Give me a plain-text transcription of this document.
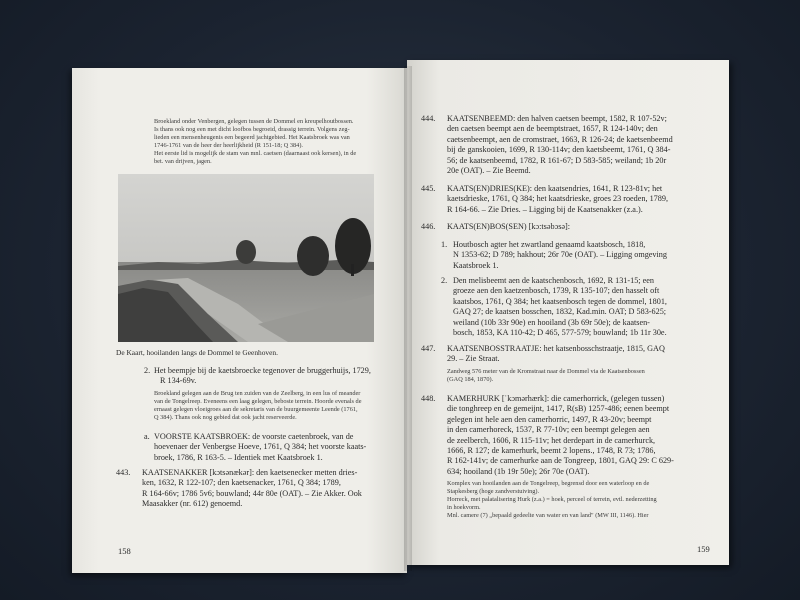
Broekland onder Venbergen, gelegen tussen de Dommel en kreupelhoutbossen.
Is thans ook nog een met dicht loofbos begroeid, drassig terrein. Volgens zeg-
lieden een mensenheugenis een begeerd jachtgebied. Het Kaatsbroek was van
1746-1761 van de heer der heerlijkheid (R 151-18; Q 384).
Het eerste lid is mogelijk de stam van mnl. caetsen (daarnaast ook kersen), in de
bet. van drijven, jagen.
De Kaart, hooilanden langs de Dommel te Geenhoven.
2. Het beempje bij de kaetsbroecke tegenover de bruggerhuijs, 1729,
R 134-69v.
Broekland gelegen aan de Brug ten zuiden van de Zeelberg, in een lus of meander
van de Tongelreep. Eveneens een laag gelegen, beboste terrein. Hoorde evenals de
ernaast gelegen vloeigroes aan de sekretaris van de buurgemeente Leende (1761,
Q 384). Thans ook nog gebied dat ook jacht reserveerde.
a. VOORSTE KAATSBROEK: de voorste caetenbroek, van de
hoevenaer der Venbergse Hoeve, 1761, Q 384; het voorste kaats-
broek, 1786, R 163-5. – Identiek met Kaatsbroek 1.
443. KAATSENAKKER [kɔtsənækər]: den kaetsenecker metten dries-
ken, 1632, R 122-107; den kaetsenacker, 1761, Q 384; 1789,
R 164-66v; 1786 5v6; bouwland; 44r 80e (OAT). – Zie Akker. Ook
Maasakker (nr. 612) genoemd.
158
444. KAATSENBEEMD: den halven caetsen beempt, 1582, R 107-52v;
den caetsen beempt aen de beemptstraet, 1657, R 124-140v; den
caetsenbeempt, aen de cromstraet, 1663, R 126-24; de kaetsenbeemd
bij de ganskooien, 1699, R 130-114v; den kaetsbeemt, 1761, Q 384-
56; de kaatsenbeemd, 1782, R 161-67; D 583-585; weiland; 1b 20r
20e (OAT). – Zie Beemd.
445. KAATS(EN)DRIES(KE): den kaatsendries, 1641, R 123-81v; het
kaetsdrieske, 1761, Q 384; het kaatsdrieske, groes 23 roeden, 1789,
R 164-66. – Zie Dries. – Ligging bij de Kaatsenakker (z.a.).
446. KAATS(EN)BOS(SEN) [kɔ:tsəbɔsə]:
1. Houtbosch agter het zwartland genaamd kaatsbosch, 1818,
N 1353-62; D 789; hakhout; 26r 70e (OAT). – Ligging omgeving
Kaatsbroek 1.
2. Den melisbeemt aen de kaatschenbosch, 1692, R 131-15; een
groeze aen den kaetzenbosch, 1739, R 135-107; den hasselt oft
kaatsbos, 1761, Q 384; het kaatsenbosch tegen de dommel, 1801,
GAQ 27; de kaatsen bosschen, 1832, Kad.min. OAT; D 583-625;
weiland (10b 33r 90e) en hooiland (3b 69r 50e); de kaatsen-
bosch, 1853, KA 110-42; D 465, 577-579; bouwland; 1b 11r 30e.
447. KAATSENBOSSTRAATJE: het katsenbosschstraatje, 1815, GAQ
29. – Zie Straat.
Zandweg 576 meter van de Kromstraat naar de Dommel via de Kaatsenbossen
(GAQ 184, 1870).
448. KAMERHURK [ˈkɔmərhærk]: die camerhorrick, (gelegen tussen)
die tonghreep en de gemeijnt, 1417, R(sB) 1257-486; eenen beempt
gelegen int hele aen den camerhorric, 1497, R 43-20v; beempt
in den camerhoreck, 1537, R 77-10v; een beempt gelegen aen
de zeelberch, 1606, R 115-11v; het derdepart in de camerhurck,
1666, R 127; de kamerhurk, beemt 2 lopens., 1748, R 73; 1786,
R 162-141v; de camerhurke aan de Tongreep, 1801, GAQ 29: C 629-
634; hooiland (1b 19r 50e); 26r 70e (OAT).
Komplex van hooilanden aan de Tongelreep, begrensd door een waterloop en de
Stapkesberg (hoge zandverstuiving).
Horreck, met palatalisering Hurk (z.a.) = hoek, perceel of terrein, evtl. nederzetting
in hoekvorm.
Mnl. camere (7) „bepaald gedeelte van water en van land" (MW III, 1146). Hier
159
